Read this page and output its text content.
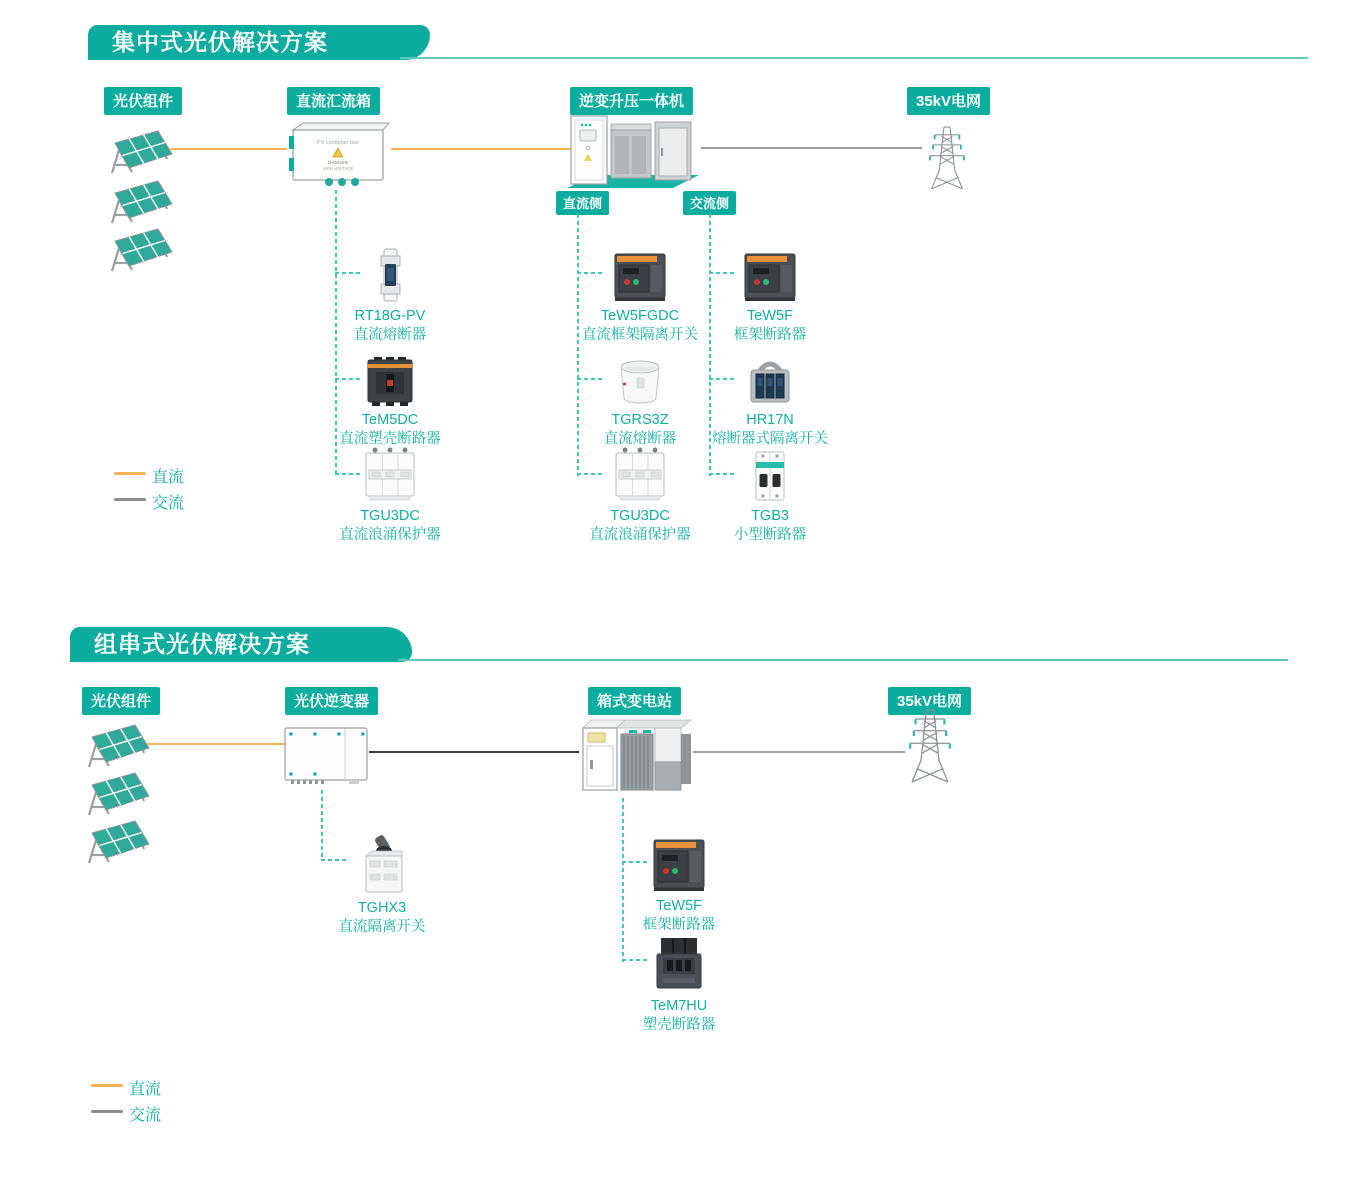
集中式光伏解决方案
光伏组件	直流汇流箱	逆变升压一体机	35kV电网
PV combiner box
DANGER
HIGH VOLTAGE
直流侧	交流侧
RT18G-PV
直流熔断器
TeM5DC
直流塑壳断路器
TGU3DC
直流浪涌保护器
TeW5FGDC
直流框架隔离开关
TGRS3Z
直流熔断器
TGU3DC
直流浪涌保护器
TeW5F
框架断路器
HR17N
熔断器式隔离开关
TGB3
小型断路器
直流
交流
组串式光伏解决方案
光伏组件	光伏逆变器	箱式变电站	35kV电网
TGHX3
直流隔离开关
TeW5F
框架断路器
TeM7HU
塑壳断路器
直流
交流
